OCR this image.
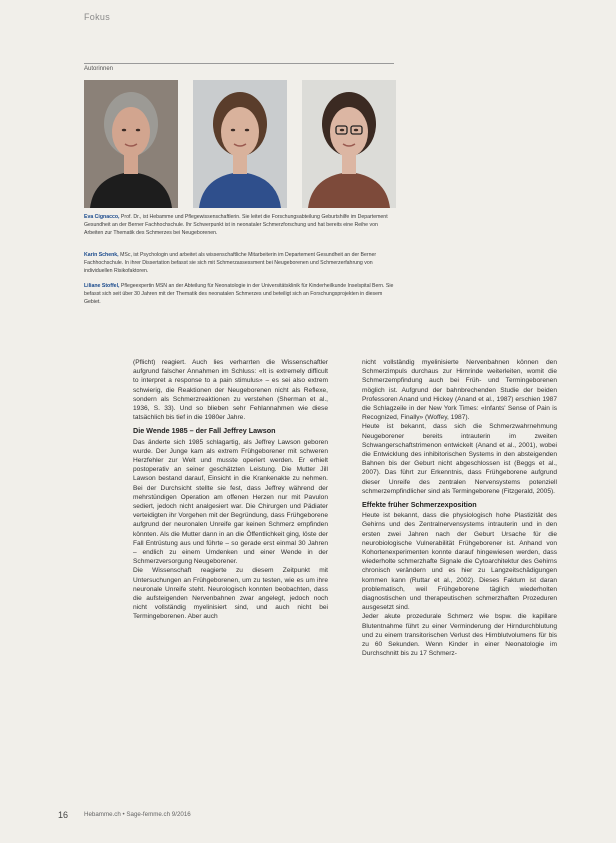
Fokus
Autorinnen
Eva Cignacco, Prof. Dr., ist Hebamme und Pflegewissenschaftlerin. Sie leitet die Forschungsabteilung Geburtshilfe im Departement Gesundheit an der Berner Fachhochschule. Ihr Schwerpunkt ist in neonataler Schmerzforschung und hat bereits eine Reihe von Arbeiten zur Thematik des Schmerzes bei Neugeborenen.
Karin Schenk, MSc, ist Psychologin und arbeitet als wissenschaftliche Mitarbeiterin im Departement Gesundheit an der Berner Fachhochschule. In ihrer Dissertation befasst sie sich mit Schmerzassessment bei Neugeborenen und Schmerzerfahrung von individuellen Risikofaktoren.
Liliane Stoffel, Pflegeexpertin MSN an der Abteilung für Neonatologie in der Universitätsklinik für Kinderheilkunde Inselspital Bern. Sie befasst sich seit über 30 Jahren mit der Thematik des neonatalen Schmerzes und beteiligt sich an Forschungsprojekten in diesem Gebiet.

(Pflicht) reagiert. Auch lies verharrten die Wissenschaftler aufgrund falscher Annahmen im Schluss: «It is extremely difficult to interpret a response to a pain stimulus» – es sei also extrem schwierig, die Reaktionen der Neugeborenen nicht als Reflexe, sondern als Schmerzreaktionen zu verstehen (Sherman et al., 1936, S. 33). Und so blieben sehr Fehlannahmen wie diese tatsächlich bis tief in die 1980er Jahre.

Die Wende 1985 – der Fall Jeffrey Lawson

Das änderte sich 1985 schlagartig, als Jeffrey Lawson geboren wurde. Der Junge kam als extrem Frühgeborener mit schweren Herzfehler zur Welt und musste operiert werden. Er erhielt postoperativ an seiner geschätzten Leistung. Die Mutter Jill Lawson bestand darauf, Einsicht in die Krankenakte zu nehmen. Bei der Durchsicht stellte sie fest, dass Jeffrey während der mehrstündigen Operation am offenen Herzen nur mit Pavulon sediert, jedoch nicht analgesiert war. Die Chirurgen und Pädiater verteidigten ihr Vorgehen mit der Begründung, dass Frühgeborene aufgrund der neuronalen Unreife gar keinen Schmerz empfinden könnten. Als die Mutter dann in an die Öffentlichkeit ging, löste der Fall Entrüstung aus und führte – so gerade erst einmal 30 Jahren – endlich zu einem Umdenken und einer Wende in der Schmerzversorgung Neugeborener.

Die Wissenschaft reagierte zu diesem Zeitpunkt mit Untersuchungen an Frühgeborenen, um zu testen, wie es um ihre neuronale Unreife steht. Neurologisch konnten beobachten, dass die aufsteigenden Nervenbahnen zwar angelegt, jedoch noch nicht vollständig myelinisiert sind, und auch nicht bei Termingeborenen. Aber auch

nicht vollständig myelinisierte Nervenbahnen können den Schmerzimpuls durchaus zur Hirnrinde weiterleiten, womit die Schmerzempfindung auch bei Früh- und Termingeborenen möglich ist. Aufgrund der bahnbrechenden Studie der beiden Professoren Anand und Hickey (Anand et al., 1987) erschien 1987 die Schlagzeile in der New York Times: «Infants' Sense of Pain is Recognized, Finally» (Woffey, 1987).

Heute ist bekannt, dass sich die Schmerzwahrnehmung Neugeborener bereits intrauterin im zweiten Schwangerschaftstrimenon entwickelt (Anand et al., 2001), wobei die Entwicklung des inhibitorischen Systems in den absteigenden Bahnen bis der Geburt nicht abgeschlossen ist (Beggs et al., 2007). Das führt zur Erkenntnis, dass Frühgeborene aufgrund dieser Unreife des zentralen Nervensystems potenziell schmerzempfindlicher sind als Termingeborene (Fitzgerald, 2005).

Effekte früher Schmerzexposition

Heute ist bekannt, dass die physiologisch hohe Plastizität des Gehirns und des Zentralnervensystems intrauterin und in den ersten zwei Jahren nach der Geburt Ursache für die neurobiologische Vulnerabilität Frühgeborener ist. Anhand von Kohortenexperimenten konnte darauf hingewiesen werden, dass wiederholte schmerzhafte Signale die Cytoarchitektur des Gehirns chronisch verändern und es hier zu Langzeitschädigungen kommen kann (Ruttar et al., 2002). Dieses Faktum ist daran problematisch, weil Frühgeborene täglich wiederholten diagnostischen und therapeutischen schmerzhaften Prozeduren ausgesetzt sind.

Jeder akute prozedurale Schmerz wie bspw. die kapillare Blutentnahme führt zu einer Verminderung der Hirndurchblutung und zu einem transitorischen Verlust des Hirnblutvolumens für bis zu 60 Sekunden. Wenn Kinder in einer Neonatologie im Durchschnitt bis zu 17 Schmerz-

16	Hebamme.ch • Sage-femme.ch 9/2016
